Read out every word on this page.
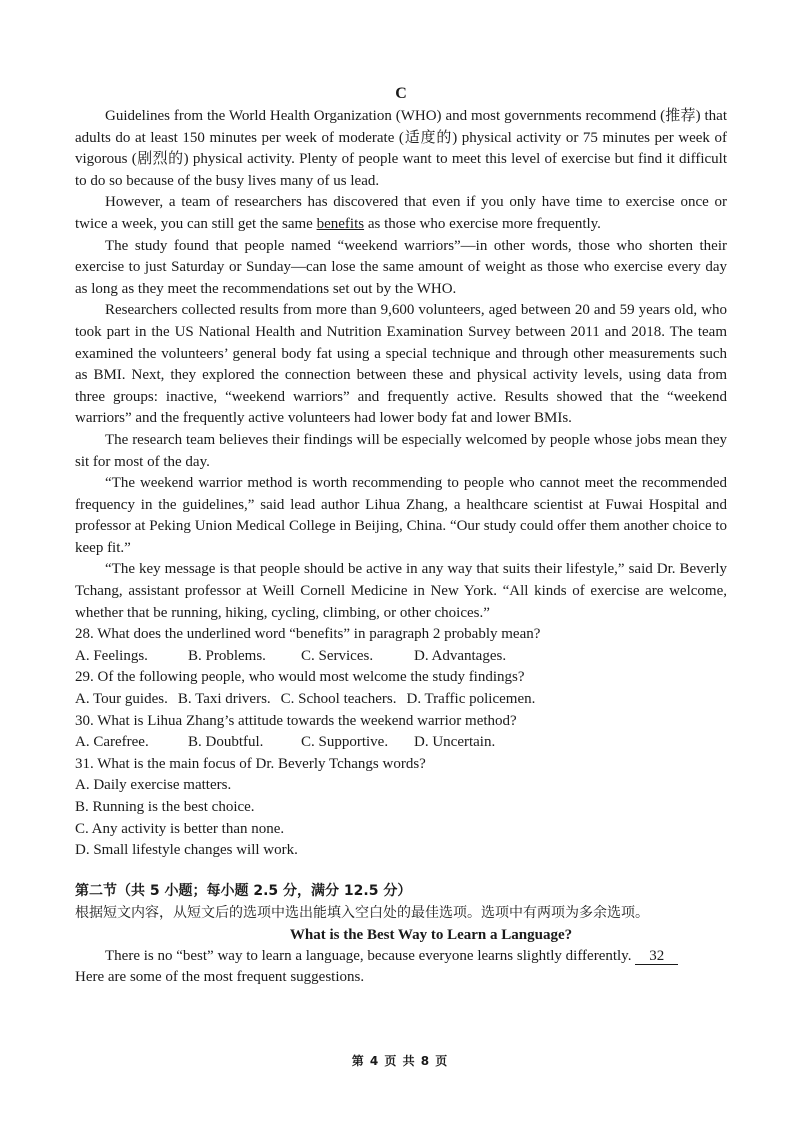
C

Guidelines from the World Health Organization (WHO) and most governments recommend (推荐) that adults do at least 150 minutes per week of moderate (适度的) physical activity or 75 minutes per week of vigorous (剧烈的) physical activity. Plenty of people want to meet this level of exercise but find it difficult to do so because of the busy lives many of us lead.

However, a team of researchers has discovered that even if you only have time to exercise once or twice a week, you can still get the same benefits as those who exercise more frequently.

The study found that people named “weekend warriors”—in other words, those who shorten their exercise to just Saturday or Sunday—can lose the same amount of weight as those who exercise every day as long as they meet the recommendations set out by the WHO.

Researchers collected results from more than 9,600 volunteers, aged between 20 and 59 years old, who took part in the US National Health and Nutrition Examination Survey between 2011 and 2018. The team examined the volunteers’ general body fat using a special technique and through other measurements such as BMI. Next, they explored the connection between these and physical activity levels, using data from three groups: inactive, “weekend warriors” and frequently active. Results showed that the “weekend warriors” and the frequently active volunteers had lower body fat and lower BMIs.

The research team believes their findings will be especially welcomed by people whose jobs mean they sit for most of the day.

“The weekend warrior method is worth recommending to people who cannot meet the recommended frequency in the guidelines,” said lead author Lihua Zhang, a healthcare scientist at Fuwai Hospital and professor at Peking Union Medical College in Beijing, China. “Our study could offer them another choice to keep fit.”

“The key message is that people should be active in any way that suits their lifestyle,” said Dr. Beverly Tchang, assistant professor at Weill Cornell Medicine in New York. “All kinds of exercise are welcome, whether that be running, hiking, cycling, climbing, or other choices.”

28. What does the underlined word “benefits” in paragraph 2 probably mean?

A. Feelings.	B. Problems.	C. Services.	D. Advantages.

29. Of the following people, who would most welcome the study findings?

A. Tour guides. B. Taxi drivers. C. School teachers. D. Traffic policemen.

30. What is Lihua Zhang’s attitude towards the weekend warrior method?

A. Carefree.	B. Doubtful.	C. Supportive.	D. Uncertain.

31. What is the main focus of Dr. Beverly Tchangs words?

A. Daily exercise matters.

B. Running is the best choice.

C. Any activity is better than none.

D. Small lifestyle changes will work.

第二节（共 5 小题；每小题 2.5 分，满分 12.5 分）

根据短文内容，从短文后的选项中选出能填入空白处的最佳选项。选项中有两项为多余选项。

What is the Best Way to Learn a Language?

There is no “best” way to learn a language, because everyone learns slightly differently. 32

Here are some of the most frequent suggestions.

第 4 页 共 8 页
